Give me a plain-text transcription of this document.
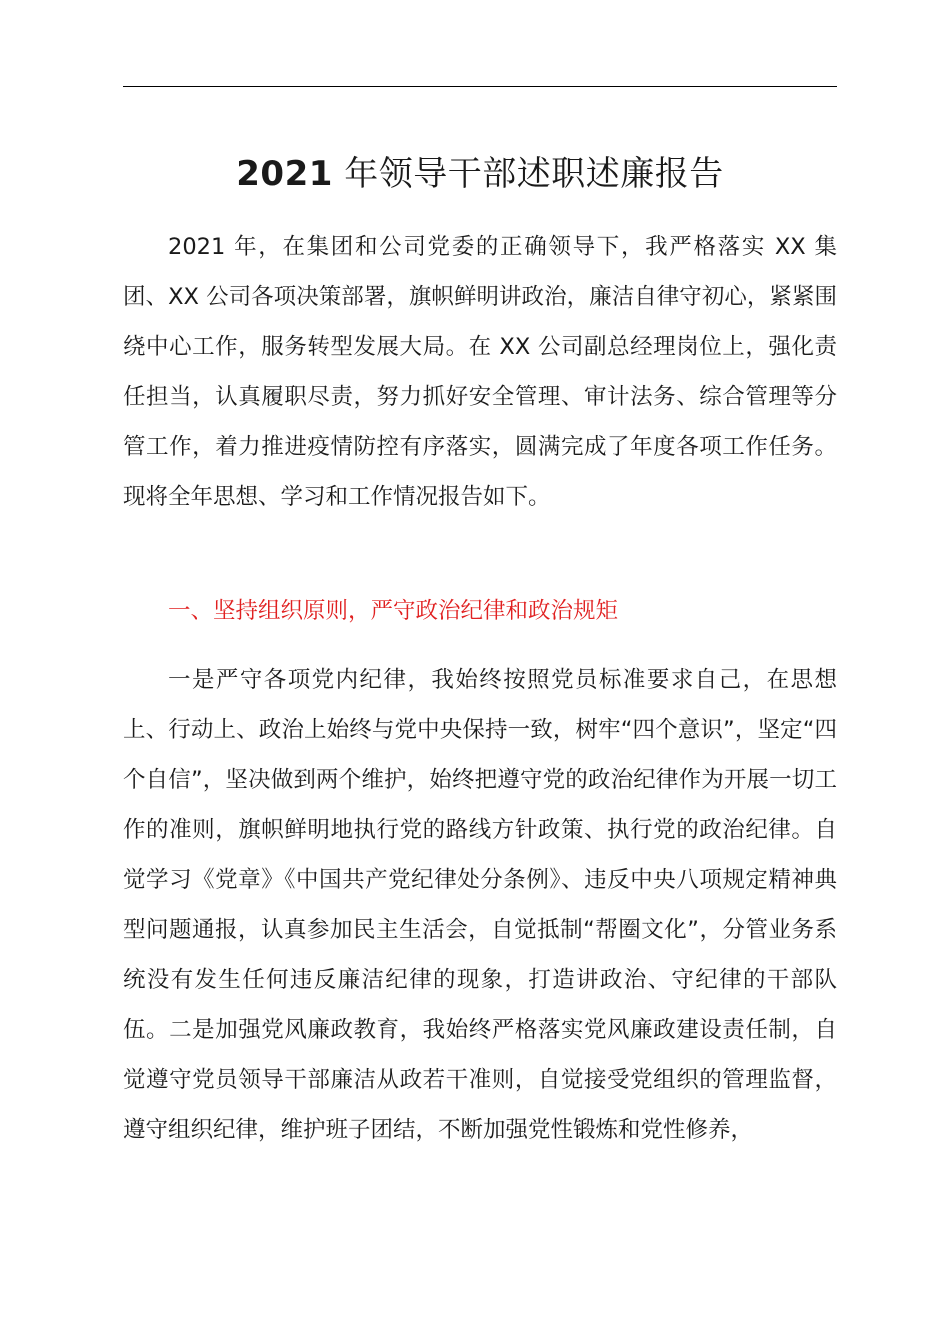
2021 年领导干部述职述廉报告

2021 年，在集团和公司党委的正确领导下，我严格落实 XX 集团、XX 公司各项决策部署，旗帜鲜明讲政治，廉洁自律守初心，紧紧围绕中心工作，服务转型发展大局。在 XX 公司副总经理岗位上，强化责任担当，认真履职尽责，努力抓好安全管理、审计法务、综合管理等分管工作，着力推进疫情防控有序落实，圆满完成了年度各项工作任务。现将全年思想、学习和工作情况报告如下。

一、坚持组织原则，严守政治纪律和政治规矩

一是严守各项党内纪律，我始终按照党员标准要求自己，在思想上、行动上、政治上始终与党中央保持一致，树牢“四个意识”，坚定“四个自信”，坚决做到两个维护，始终把遵守党的政治纪律作为开展一切工作的准则，旗帜鲜明地执行党的路线方针政策、执行党的政治纪律。自觉学习《党章》《中国共产党纪律处分条例》、违反中央八项规定精神典型问题通报，认真参加民主生活会，自觉抵制“帮圈文化”，分管业务系统没有发生任何违反廉洁纪律的现象，打造讲政治、守纪律的干部队伍。二是加强党风廉政教育，我始终严格落实党风廉政建设责任制，自觉遵守党员领导干部廉洁从政若干准则，自觉接受党组织的管理监督，遵守组织纪律，维护班子团结，不断加强党性锻炼和党性修养，
